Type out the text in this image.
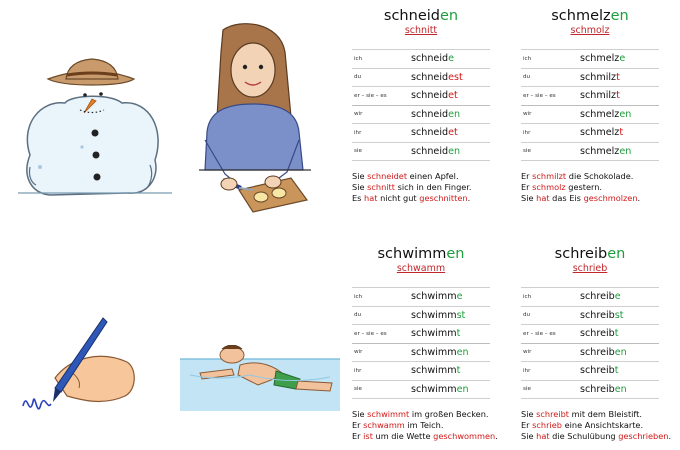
schneiden
schnitt
ich	schneide
du	schneidest
er – sie – es	schneidet
wir	schneiden
ihr	schneidet
sie	schneiden
Sie schneidet einen Apfel.
Sie schnitt sich in den Finger.
Es hat nicht gut geschnitten.
schmelzen
schmolz
ich	schmelze
du	schmilzt
er – sie – es	schmilzt
wir	schmelzen
ihr	schmelzt
sie	schmelzen
Er schmilzt die Schokolade.
Er schmolz gestern.
Sie hat das Eis geschmolzen.
schwimmen
schwamm
ich	schwimme
du	schwimmst
er – sie – es	schwimmt
wir	schwimmen
ihr	schwimmt
sie	schwimmen
Sie schwimmt im großen Becken.
Er schwamm im Teich.
Er ist um die Wette geschwommen.
schreiben
schrieb
ich	schreibe
du	schreibst
er – sie – es	schreibt
wir	schreiben
ihr	schreibt
sie	schreiben
Sie schreibt mit dem Bleistift.
Er schrieb eine Ansichtskarte.
Sie hat die Schulübung geschrieben.
